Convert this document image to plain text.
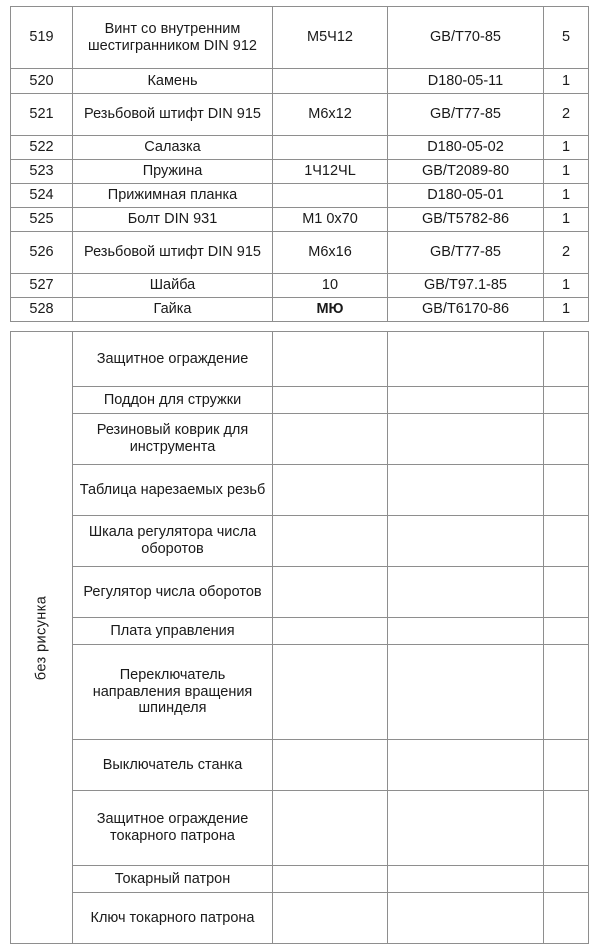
519	Винт со внутренним шестигранником DIN 912	М5Ч12	GB/T70-85	5
520	Камень		D180-05-11	1
521	Резьбовой штифт DIN 915	M6x12	GB/T77-85	2
522	Салазка		D180-05-02	1
523	Пружина	1Ч12ЧL	GB/T2089-80	1
524	Прижимная планка		D180-05-01	1
525	Болт DIN 931	M1 0x70	GB/T5782-86	1
526	Резьбовой штифт DIN 915	M6x16	GB/T77-85	2
527	Шайба	10	GB/T97.1-85	1
528	Гайка	МЮ	GB/T6170-86	1
без рисунка	Защитное ограждение			
	Поддон для стружки			
	Резиновый коврик для инструмента			
	Таблица нарезаемых резьб			
	Шкала регулятора числа оборотов			
	Регулятор числа оборотов			
	Плата управления			
	Переключатель направления вращения шпинделя			
	Выключатель станка			
	Защитное ограждение токарного патрона			
	Токарный патрон			
	Ключ токарного патрона			
